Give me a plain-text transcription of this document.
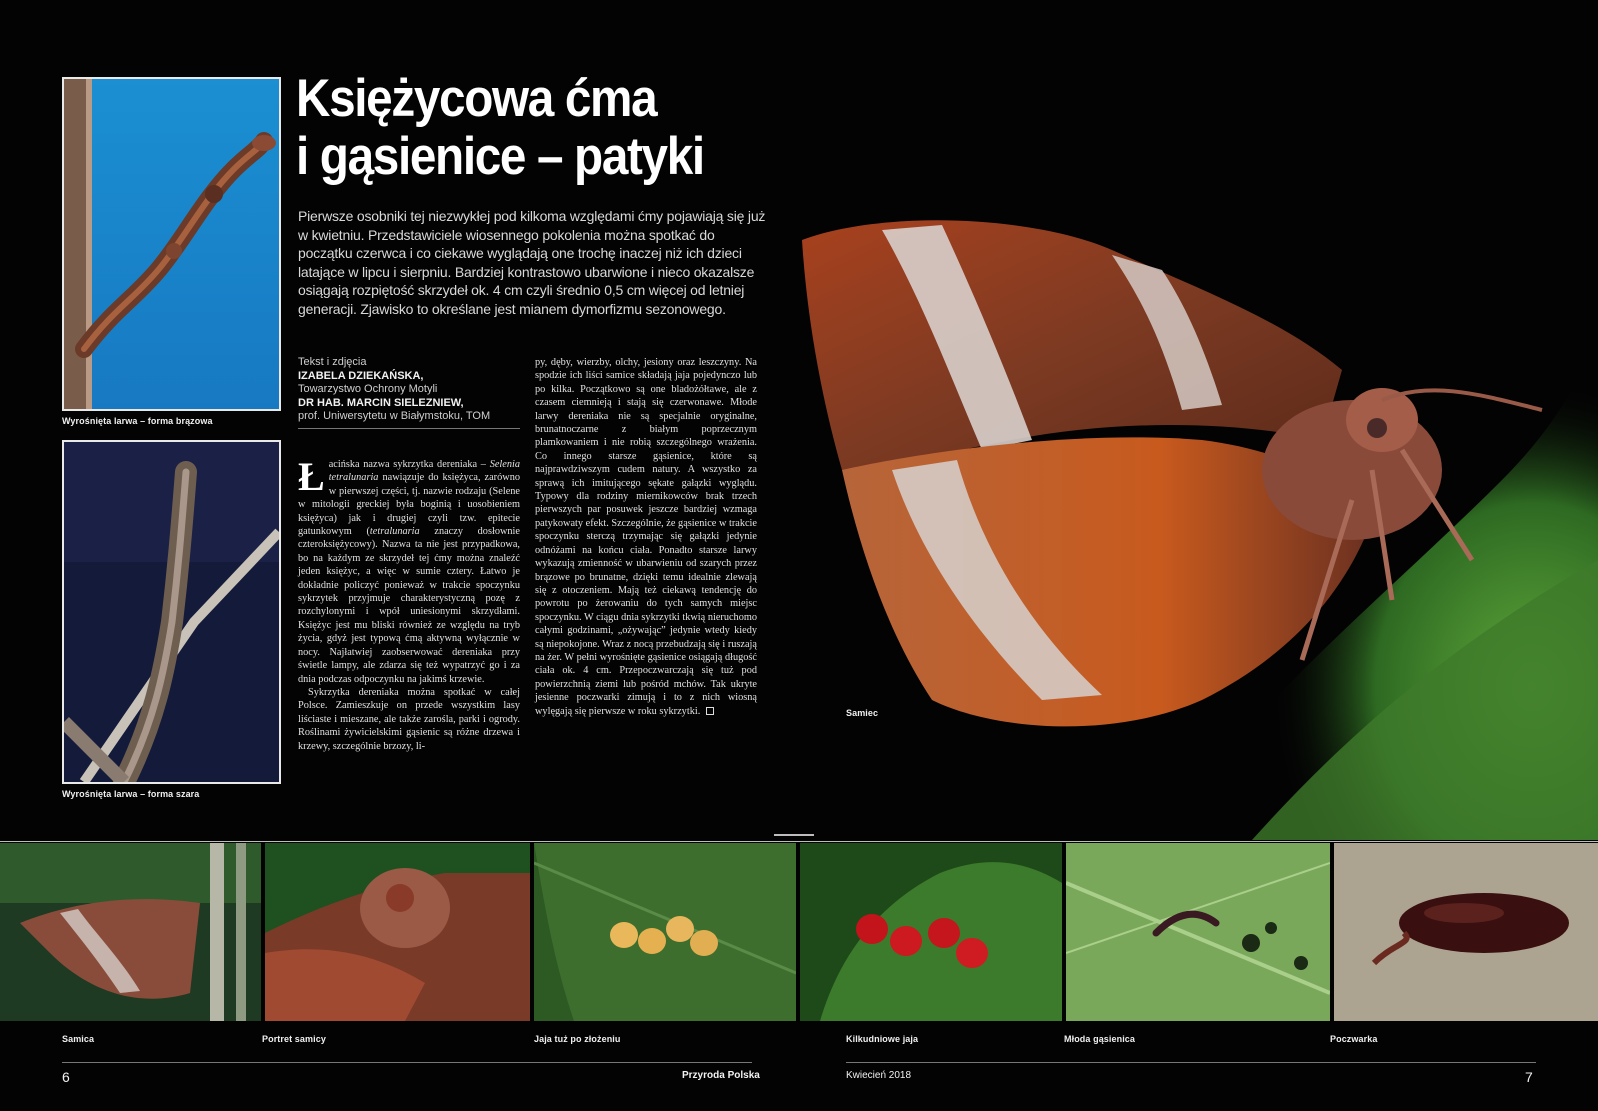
Wyrośnięta larwa – forma brązowa
Wyrośnięta larwa – forma szara
Księżycowa ćma
i gąsienice – patyki
Pierwsze osobniki tej niezwykłej pod kilkoma względami ćmy pojawiają się już w kwietniu. Przedstawiciele wiosennego pokolenia można spotkać do początku czerwca i co ciekawe wyglądają one trochę inaczej niż ich dzieci latające w lipcu i sierpniu. Bardziej kontrastowo ubarwione i nieco okazalsze osiągają rozpiętość skrzydeł ok. 4 cm czyli średnio 0,5 cm więcej od letniej generacji. Zjawisko to określane jest mianem dymorfizmu sezonowego.
Tekst i zdjęcia
IZABELA DZIEKAŃSKA,
Towarzystwo Ochrony Motyli
DR HAB. MARCIN SIELEZNIEW,
prof. Uniwersytetu w Białymstoku, TOM

Łacińska nazwa sykrzytka dereniaka – Selenia tetralunaria nawiązuje do księżyca, zarówno w pierwszej części, tj. nazwie rodzaju (Selene w mitologii greckiej była boginią i uosobieniem księżyca) jak i drugiej czyli tzw. epitecie gatunkowym (tetralunaria znaczy dosłownie czteroksiężycowy). Nazwa ta nie jest przypadkowa, bo na każdym ze skrzydeł tej ćmy można znaleźć jeden księżyc, a więc w sumie cztery. Łatwo je dokładnie policzyć ponieważ w trakcie spoczynku sykrzytek przyjmuje charakterystyczną pozę z rozchylonymi i wpół uniesionymi skrzydłami. Księżyc jest mu bliski również ze względu na tryb życia, gdyż jest typową ćmą aktywną wyłącznie w nocy. Najłatwiej zaobserwować dereniaka przy świetle lampy, ale zdarza się też wypatrzyć go i za dnia podczas odpoczynku na jakimś krzewie.

Sykrzytka dereniaka można spotkać w całej Polsce. Zamieszkuje on przede wszystkim lasy liściaste i mieszane, ale także zarośla, parki i ogrody. Roślinami żywicielskimi gąsienic są różne drzewa i krzewy, szczególnie brzozy, li-

py, dęby, wierzby, olchy, jesiony oraz leszczyny. Na spodzie ich liści samice składają jaja pojedynczo lub po kilka. Początkowo są one bladożółtawe, ale z czasem ciemnieją i stają się czerwonawe. Młode larwy dereniaka nie są specjalnie oryginalne, brunatnoczarne z białym poprzecznym plamkowaniem i nie robią szczególnego wrażenia. Co innego starsze gąsienice, które są najprawdziwszym cudem natury. A wszystko za sprawą ich imitującego sękate gałązki wyglądu. Typowy dla rodziny miernikowców brak trzech pierwszych par posuwek jeszcze bardziej wzmaga patykowaty efekt. Szczególnie, że gąsienice w trakcie spoczynku sterczą trzymając się gałązki jedynie odnóżami na końcu ciała. Ponadto starsze larwy wykazują zmienność w ubarwieniu od szarych przez brązowe po brunatne, dzięki temu idealnie zlewają się z otoczeniem. Mają też ciekawą tendencję do powrotu po żerowaniu do tych samych miejsc spoczynku. W ciągu dnia sykrzytki tkwią nieruchomo całymi godzinami, „ożywając” jedynie wtedy kiedy są niepokojone. Wraz z nocą przebudzają się i ruszają na żer. W pełni wyrośnięte gąsienice osiągają długość ciała ok. 4 cm. Przepoczwarczają się tuż pod powierzchnią ziemi lub pośród mchów. Tak ukryte jesienne poczwarki zimują i to z nich wiosną wylęgają się pierwsze w roku sykrzytki.	Samiec
Samica	Portret samicy	Jaja tuż po złożeniu	Kilkudniowe jaja	Młoda gąsienica	Poczwarka
6	Przyroda Polska	Kwiecień 2018	7
